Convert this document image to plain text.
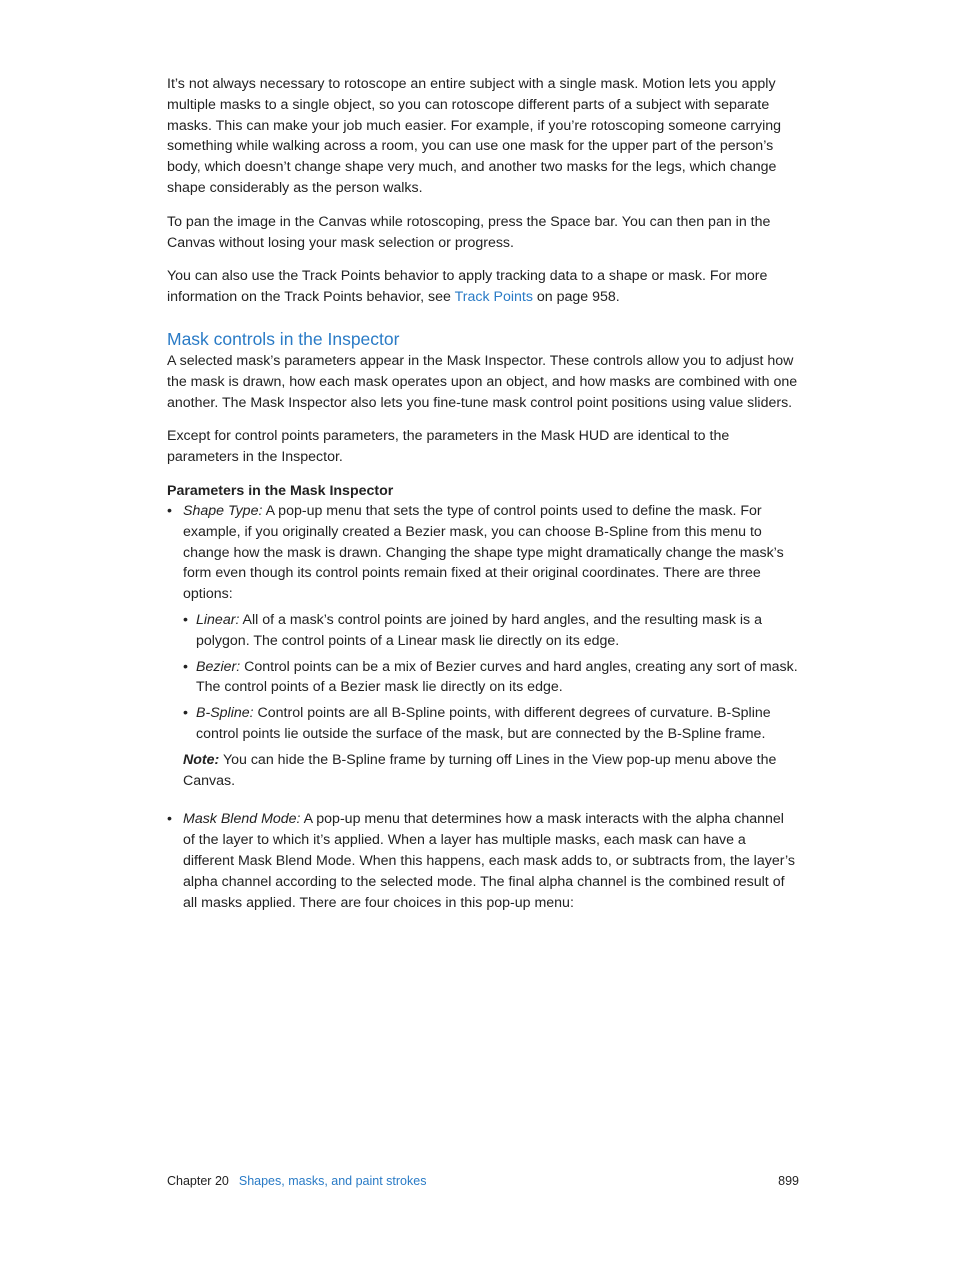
It’s not always necessary to rotoscope an entire subject with a single mask. Motion lets you apply multiple masks to a single object, so you can rotoscope different parts of a subject with separate masks. This can make your job much easier. For example, if you’re rotoscoping someone carrying something while walking across a room, you can use one mask for the upper part of the person’s body, which doesn’t change shape very much, and another two masks for the legs, which change shape considerably as the person walks.

To pan the image in the Canvas while rotoscoping, press the Space bar. You can then pan in the Canvas without losing your mask selection or progress.

You can also use the Track Points behavior to apply tracking data to a shape or mask. For more information on the Track Points behavior, see Track Points on page 958.

Mask controls in the Inspector

A selected mask’s parameters appear in the Mask Inspector. These controls allow you to adjust how the mask is drawn, how each mask operates upon an object, and how masks are combined with one another. The Mask Inspector also lets you fine-tune mask control point positions using value sliders.

Except for control points parameters, the parameters in the Mask HUD are identical to the parameters in the Inspector.

Parameters in the Mask Inspector
• Shape Type: A pop-up menu that sets the type of control points used to define the mask. For example, if you originally created a Bezier mask, you can choose B-Spline from this menu to change how the mask is drawn. Changing the shape type might dramatically change the mask’s form even though its control points remain fixed at their original coordinates. There are three options:
• Linear: All of a mask’s control points are joined by hard angles, and the resulting mask is a polygon. The control points of a Linear mask lie directly on its edge.
• Bezier: Control points can be a mix of Bezier curves and hard angles, creating any sort of mask. The control points of a Bezier mask lie directly on its edge.
• B-Spline: Control points are all B-Spline points, with different degrees of curvature. B-Spline control points lie outside the surface of the mask, but are connected by the B-Spline frame.

Note: You can hide the B-Spline frame by turning off Lines in the View pop-up menu above the Canvas.

• Mask Blend Mode: A pop-up menu that determines how a mask interacts with the alpha channel of the layer to which it’s applied. When a layer has multiple masks, each mask can have a different Mask Blend Mode. When this happens, each mask adds to, or subtracts from, the layer’s alpha channel according to the selected mode. The final alpha channel is the combined result of all masks applied. There are four choices in this pop-up menu:
Chapter 20 Shapes, masks, and paint strokes	899
